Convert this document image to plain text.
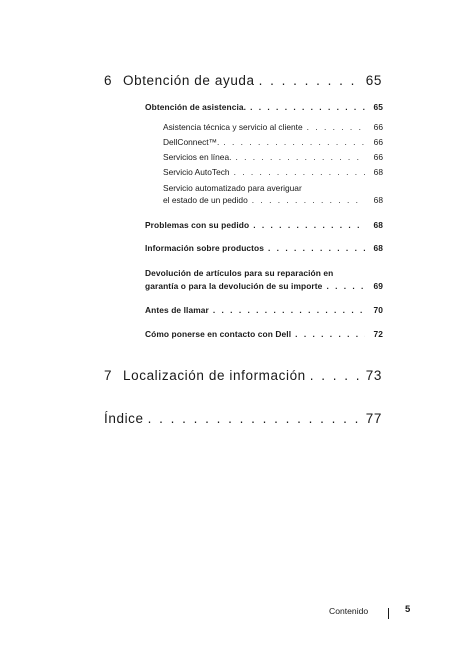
6 Obtención de ayuda . . .	65
Obtención de asistencia. . . .	65
Asistencia técnica y servicio al cliente . . .	66
DellConnect™. . . .	66
Servicios en línea. . . .	66
Servicio AutoTech . . .	68
Servicio automatizado para averiguar
el estado de un pedido . . .	68
Problemas con su pedido . . .	68
Información sobre productos . . .	68
Devolución de artículos para su reparación en
garantía o para la devolución de su importe . . .	69
Antes de llamar . . .	70
Cómo ponerse en contacto con Dell . . .	72
7 Localización de información . . .	73
Índice . . .	77
Contenido	5
